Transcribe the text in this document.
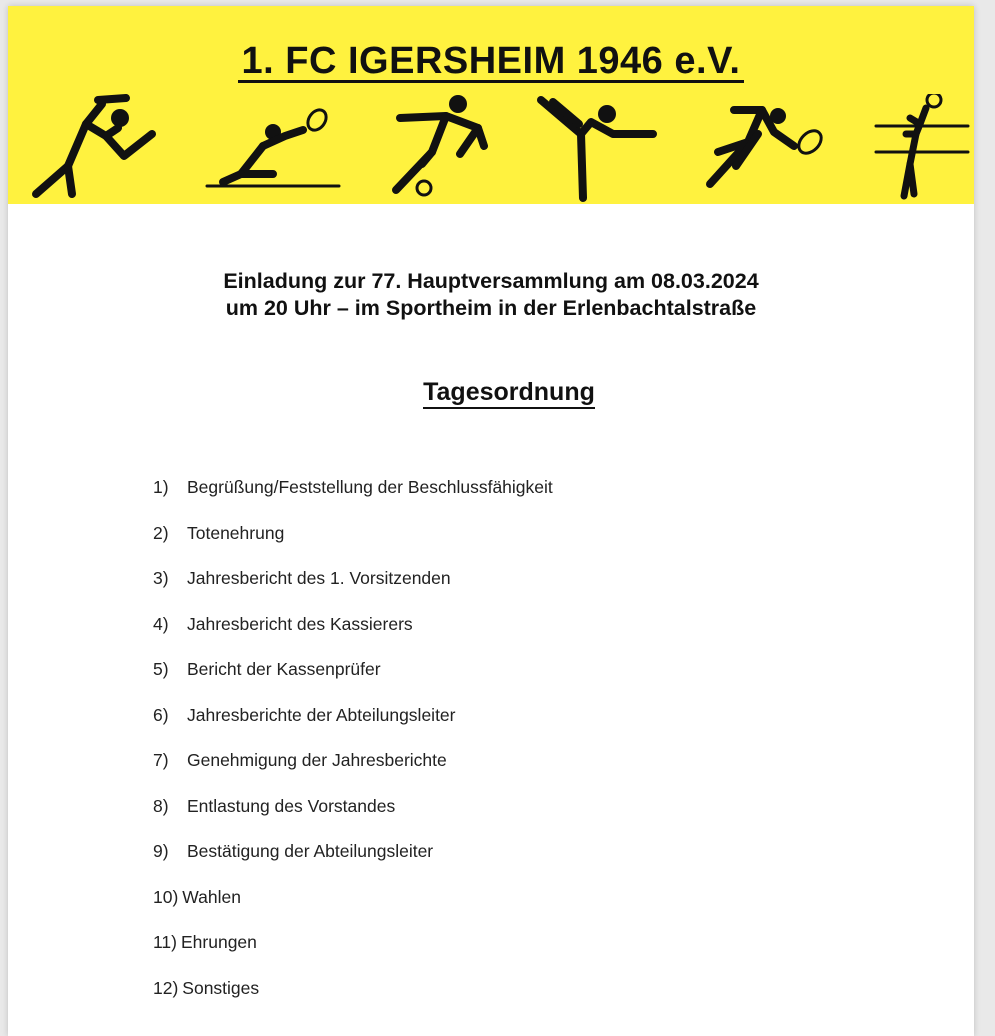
1. FC IGERSHEIM 1946 e.V.
Einladung zur 77. Hauptversammlung am 08.03.2024
um 20 Uhr – im Sportheim in der Erlenbachtalstraße
Tagesordnung
1) Begrüßung/Feststellung der Beschlussfähigkeit
2) Totenehrung
3) Jahresbericht des 1. Vorsitzenden
4) Jahresbericht des Kassierers
5) Bericht der Kassenprüfer
6) Jahresberichte der Abteilungsleiter
7) Genehmigung der Jahresberichte
8) Entlastung des Vorstandes
9) Bestätigung der Abteilungsleiter
10) Wahlen
11) Ehrungen
12) Sonstiges
